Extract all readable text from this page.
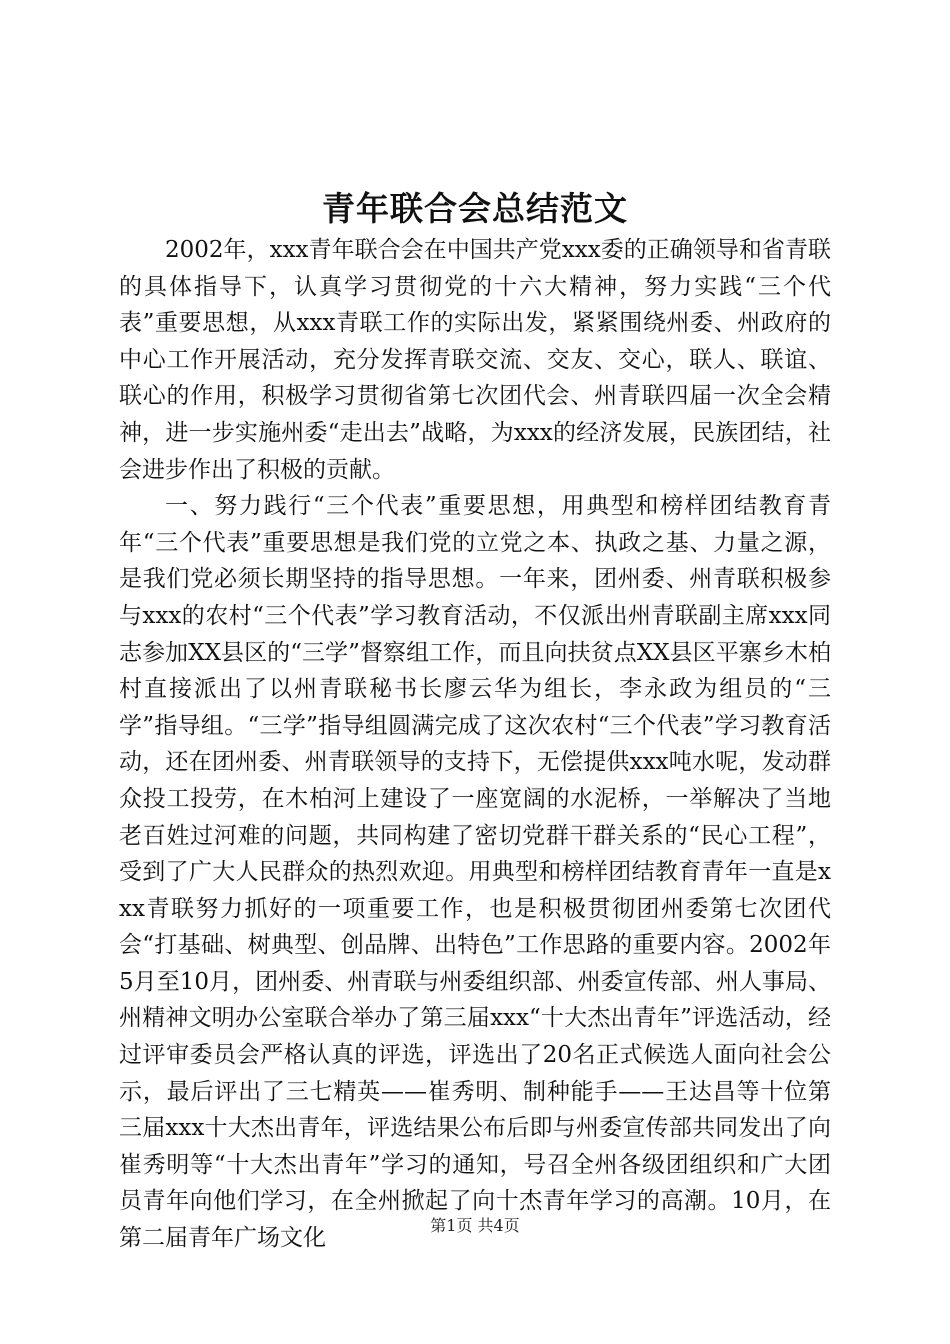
青年联合会总结范文

2002年，xxx青年联合会在中国共产党xxx委的正确领导和省青联的具体指导下，认真学习贯彻党的十六大精神，努力实践“三个代表”重要思想，从xxx青联工作的实际出发，紧紧围绕州委、州政府的中心工作开展活动，充分发挥青联交流、交友、交心，联人、联谊、联心的作用，积极学习贯彻省第七次团代会、州青联四届一次全会精神，进一步实施州委“走出去”战略，为xxx的经济发展，民族团结，社会进步作出了积极的贡献。

一、努力践行“三个代表”重要思想，用典型和榜样团结教育青年“三个代表”重要思想是我们党的立党之本、执政之基、力量之源，是我们党必须长期坚持的指导思想。一年来，团州委、州青联积极参与xxx的农村“三个代表”学习教育活动，不仅派出州青联副主席xxx同志参加XX县区的“三学”督察组工作，而且向扶贫点XX县区平寨乡木柏村直接派出了以州青联秘书长廖云华为组长，李永政为组员的“三学”指导组。“三学”指导组圆满完成了这次农村“三个代表”学习教育活动，还在团州委、州青联领导的支持下，无偿提供xxx吨水呢，发动群众投工投劳，在木柏河上建设了一座宽阔的水泥桥，一举解决了当地老百姓过河难的问题，共同构建了密切党群干群关系的“民心工程”，受到了广大人民群众的热烈欢迎。用典型和榜样团结教育青年一直是xxx青联努力抓好的一项重要工作，也是积极贯彻团州委第七次团代会“打基础、树典型、创品牌、出特色”工作思路的重要内容。2002年5月至10月，团州委、州青联与州委组织部、州委宣传部、州人事局、州精神文明办公室联合举办了第三届xxx“十大杰出青年”评选活动，经过评审委员会严格认真的评选，评选出了20名正式候选人面向社会公示，最后评出了三七精英——崔秀明、制种能手——王达昌等十位第三届xxx十大杰出青年，评选结果公布后即与州委宣传部共同发出了向崔秀明等“十大杰出青年”学习的通知，号召全州各级团组织和广大团员青年向他们学习，在全州掀起了向十杰青年学习的高潮。10月，在第二届青年广场文化	第1页 共4页
